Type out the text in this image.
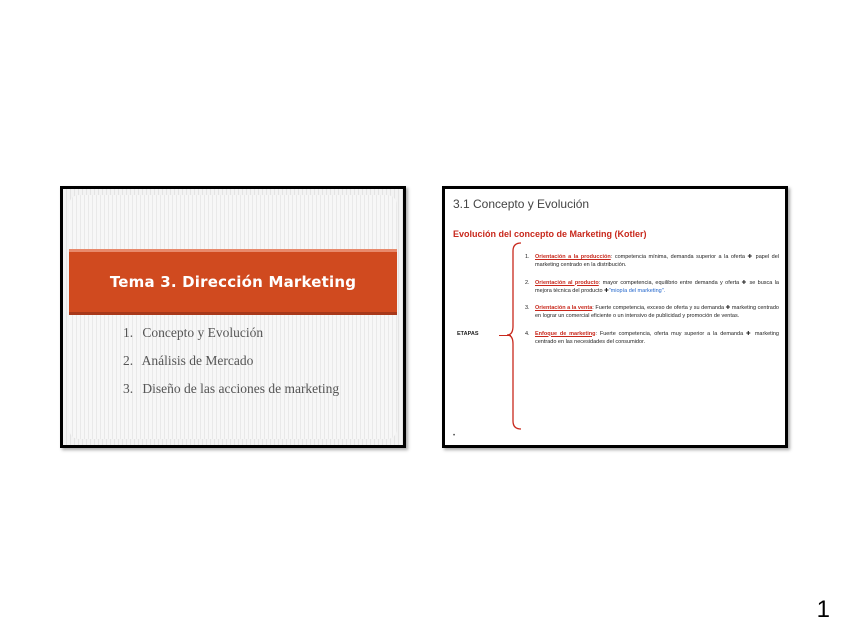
Tema 3. Dirección Marketing
1. Concepto y Evolución
2. Análisis de Mercado
3. Diseño de las acciones de marketing
3.1 Concepto y Evolución
Evolución del concepto de Marketing (Kotler)
ETAPAS
1. Orientación a la producción: competencia mínima, demanda superior a la oferta ✚ papel del marketing centrado en la distribución.
2. Orientación al producto: mayor competencia, equilibrio entre demanda y oferta ✚ se busca la mejora técnica del producto ✚"miopía del marketing".
3. Orientación a la venta: Fuerte competencia, exceso de oferta y su demanda ✚ marketing centrado en lograr un comercial eficiente o un intensivo de publicidad y promoción de ventas.
4. Enfoque de marketing: Fuerte competencia, oferta muy superior a la demanda ✚ marketing centrado en las necesidades del consumidor.
•
1
